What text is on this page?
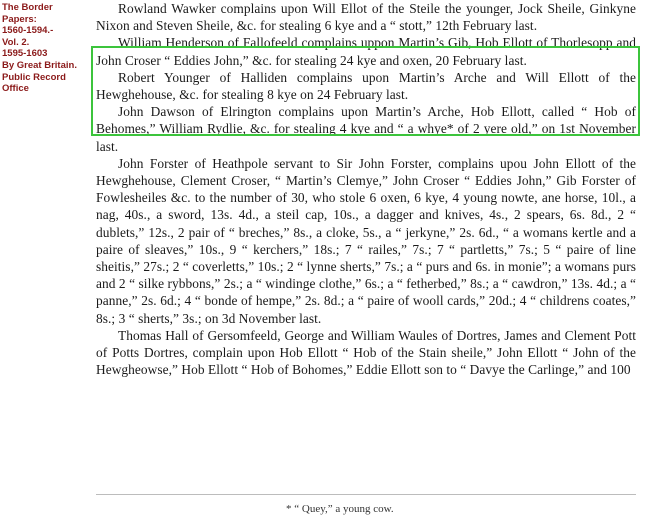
The Border
Papers:
1560-1594.-
Vol. 2.
1595-1603
By Great Britain.
Public Record
Office

Rowland Wawker complains upon Will Ellot of the Steile the younger, Jock Sheile, Ginkyne Nixon and Steven Sheile, &c. for stealing 6 kye and a “ stott,” 12th February last.

William Henderson of Fallofeeld complains uppon Martin’s Gib, Hob Ellott of Thorlesopp and John Croser “ Eddies John,” &c. for stealing 24 kye and oxen, 20 February last.

Robert Younger of Halliden complains upon Martin’s Arche and Will Ellott of the Hewghehouse, &c. for stealing 8 kye on 24 February last.

John Dawson of Elrington complains upon Martin’s Arche, Hob Ellott, called “ Hob of Behomes,” William Rydlie, &c. for stealing 4 kye and “ a whye* of 2 yere old,” on 1st November last.

John Forster of Heathpole servant to Sir John Forster, complains upou John Ellott of the Hewghehouse, Clement Croser, “ Martin’s Clemye,” John Croser “ Eddies John,” Gib Forster of Fowlesheiles &c. to the number of 30, who stole 6 oxen, 6 kye, 4 young nowte, ane horse, 10l., a nag, 40s., a sword, 13s. 4d., a steil cap, 10s., a dagger and knives, 4s., 2 spears, 6s. 8d., 2 “ dublets,” 12s., 2 pair of “ breches,” 8s., a cloke, 5s., a “ jerkyne,” 2s. 6d., “ a womans kertle and a paire of sleaves,” 10s., 9 “ kerchers,” 18s.; 7 “ railes,” 7s.; 7 “ partletts,” 7s.; 5 “ paire of line sheitis,” 27s.; 2 “ coverletts,” 10s.; 2 “ lynne sherts,” 7s.; a “ purs and 6s. in monie”; a womans purs and 2 “ silke rybbons,” 2s.; a “ windinge clothe,” 6s.; a “ fetherbed,” 8s.; a “ cawdron,” 13s. 4d.; a “ panne,” 2s. 6d.; 4 “ bonde of hempe,” 2s. 8d.; a “ paire of wooll cards,” 20d.; 4 “ childrens coates,” 8s.; 3 “ sherts,” 3s.; on 3d November last.

Thomas Hall of Gersomfeeld, George and William Waules of Dortres, James and Clement Pott of Potts Dortres, complain upon Hob Ellott “ Hob of the Stain sheile,” John Ellott “ John of the Hewgheowse,” Hob Ellott “ Hob of Bohomes,” Eddie Ellott son to “ Davye the Carlinge,” and 100

* “ Quey,” a young cow.
